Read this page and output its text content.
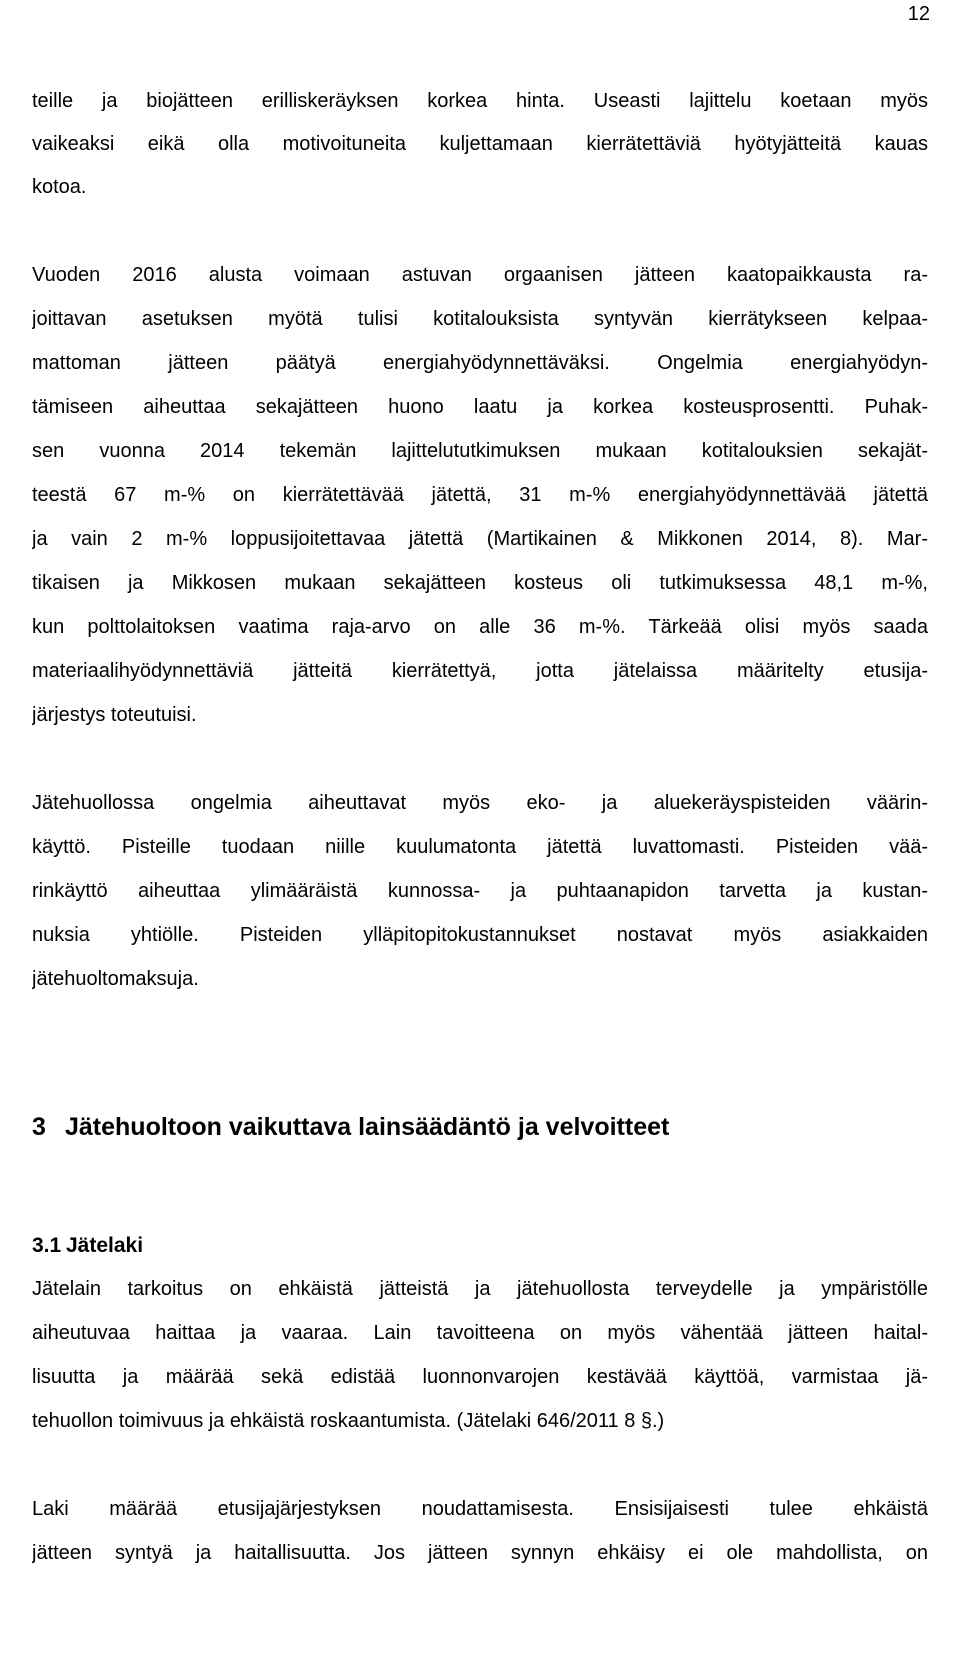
12
teille ja biojätteen erilliskeräyksen korkea hinta. Useasti lajittelu koetaan myös
vaikeaksi eikä olla motivoituneita kuljettamaan kierrätettäviä hyötyjätteitä kauas
kotoa.
Vuoden 2016 alusta voimaan astuvan orgaanisen jätteen kaatopaikkausta ra-
joittavan asetuksen myötä tulisi kotitalouksista syntyvän kierrätykseen kelpaa-
mattoman jätteen päätyä energiahyödynnettäväksi. Ongelmia energiahyödyn-
tämiseen aiheuttaa sekajätteen huono laatu ja korkea kosteusprosentti. Puhak-
sen vuonna 2014 tekemän lajittelututkimuksen mukaan kotitalouksien sekajät-
teestä 67 m-% on kierrätettävää jätettä, 31 m-% energiahyödynnettävää jätettä
ja vain 2 m-% loppusijoitettavaa jätettä (Martikainen & Mikkonen 2014, 8). Mar-
tikaisen ja Mikkosen mukaan sekajätteen kosteus oli tutkimuksessa 48,1 m-%,
kun polttolaitoksen vaatima raja-arvo on alle 36 m-%. Tärkeää olisi myös saada
materiaalihyödynnettäviä jätteitä kierrätettyä, jotta jätelaissa määritelty etusija-
järjestys toteutuisi.
Jätehuollossa ongelmia aiheuttavat myös eko- ja aluekeräyspisteiden väärin-
käyttö. Pisteille tuodaan niille kuulumatonta jätettä luvattomasti. Pisteiden vää-
rinkäyttö aiheuttaa ylimääräistä kunnossa- ja puhtaanapidon tarvetta ja kustan-
nuksia yhtiölle. Pisteiden ylläpitopitokustannukset nostavat myös asiakkaiden
jätehuoltomaksuja.
3 Jätehuoltoon vaikuttava lainsäädäntö ja velvoitteet
3.1 Jätelaki
Jätelain tarkoitus on ehkäistä jätteistä ja jätehuollosta terveydelle ja ympäristölle
aiheutuvaa haittaa ja vaaraa. Lain tavoitteena on myös vähentää jätteen haital-
lisuutta ja määrää sekä edistää luonnonvarojen kestävää käyttöä, varmistaa jä-
tehuollon toimivuus ja ehkäistä roskaantumista. (Jätelaki 646/2011 8 §.)
Laki määrää etusijajärjestyksen noudattamisesta. Ensisijaisesti tulee ehkäistä
jätteen syntyä ja haitallisuutta. Jos jätteen synnyn ehkäisy ei ole mahdollista, on
